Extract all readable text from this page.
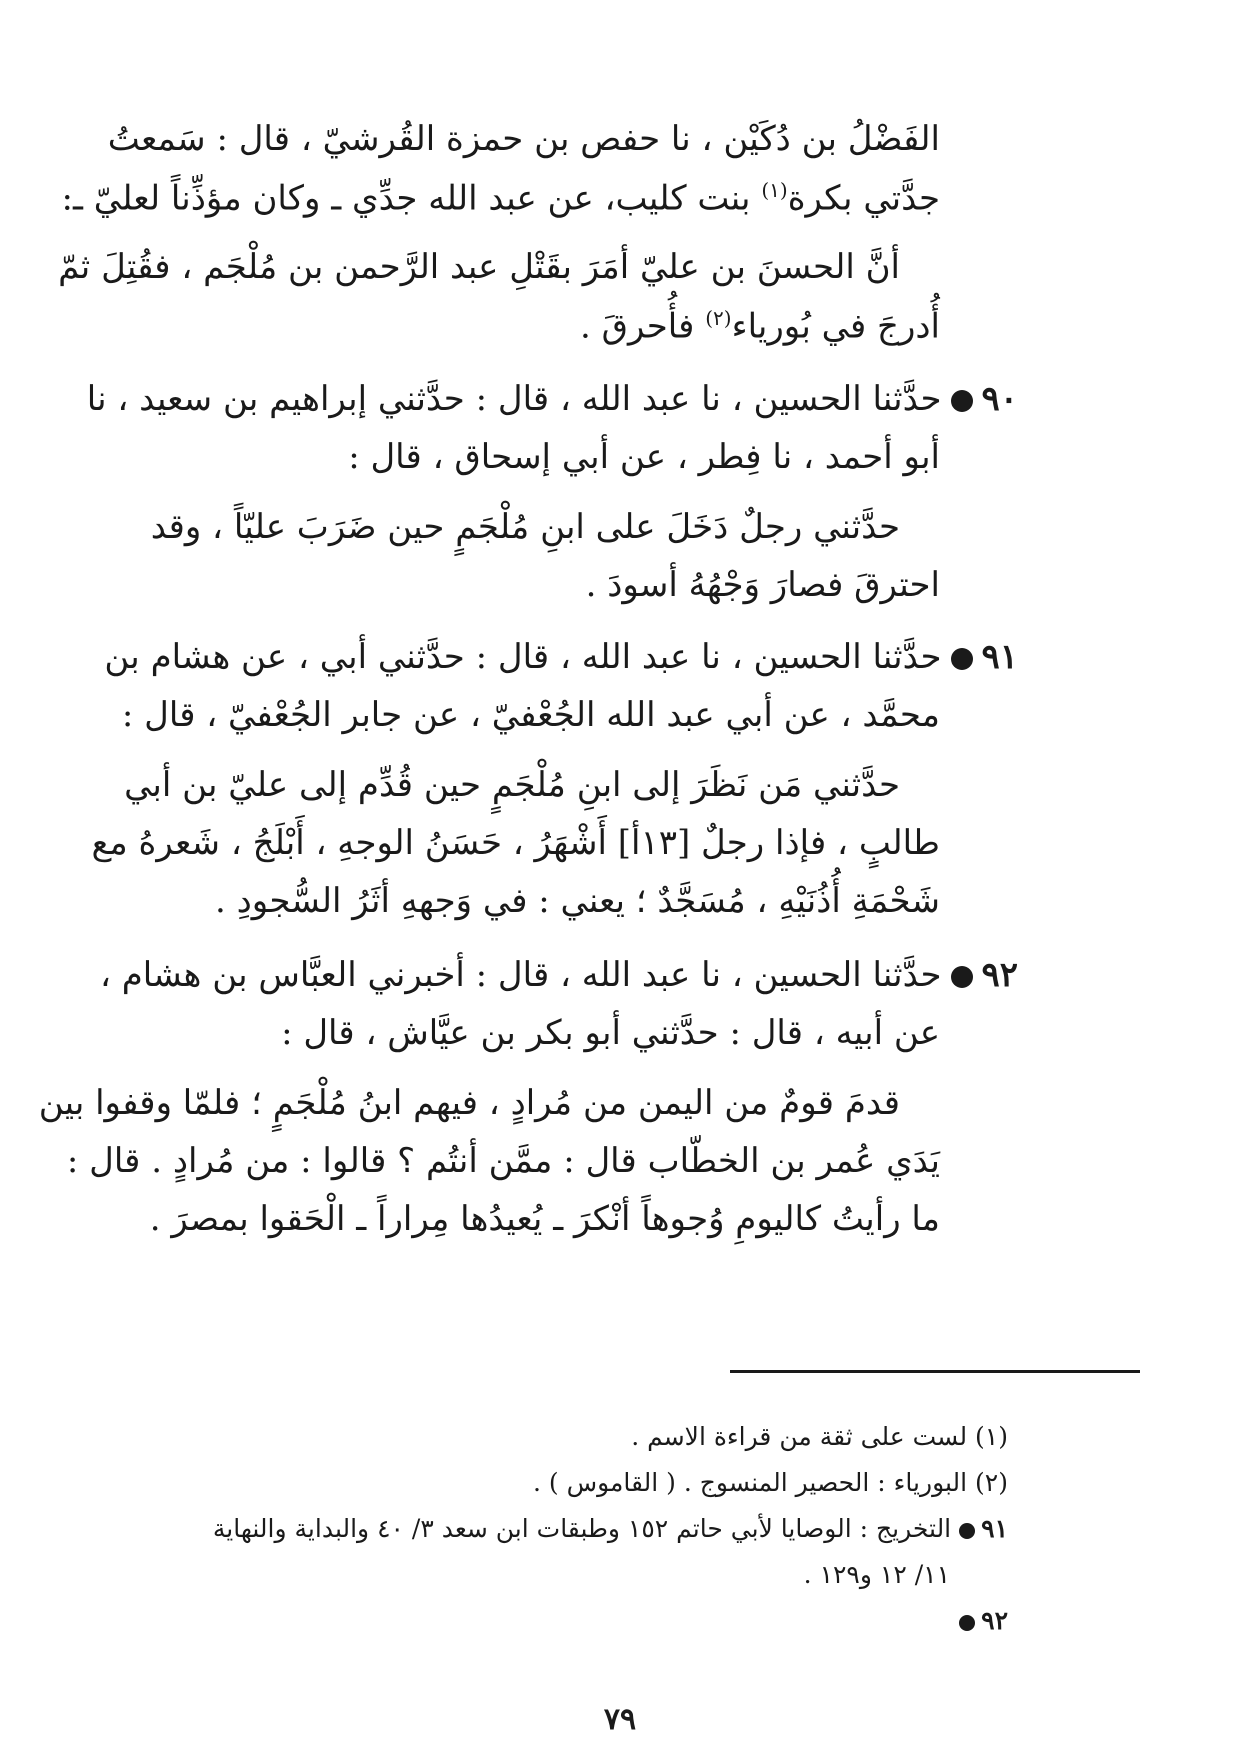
الفَضْلُ بن دُكَيْن ، نا حفص بن حمزة القُرشيّ ، قال : سَمعتُ
جدَّتي بكرة$^{(١)}$ بنت كليب، عن عبد الله جدِّي ـ وكان مؤذِّناً لعليّ ـ:
أنَّ الحسنَ بن عليّ أمَرَ بقَتْلِ عبد الرَّحمن بن مُلْجَم ، فقُتِلَ ثمّ
أُدرجَ في بُورياء$^{(٢)}$ فأُحرقَ .
٩٠حدَّثنا الحسين ، نا عبد الله ، قال : حدَّثني إبراهيم بن سعيد ، نا
أبو أحمد ، نا فِطر ، عن أبي إسحاق ، قال :
حدَّثني رجلٌ دَخَلَ على ابنِ مُلْجَمٍ حين ضَرَبَ عليّاً ، وقد
احترقَ فصارَ وَجْهُهُ أسودَ .
٩١حدَّثنا الحسين ، نا عبد الله ، قال : حدَّثني أبي ، عن هشام بن
محمَّد ، عن أبي عبد الله الجُعْفيّ ، عن جابر الجُعْفيّ ، قال :
حدَّثني مَن نَظَرَ إلى ابنِ مُلْجَمٍ حين قُدِّم إلى عليّ بن أبي
طالبٍ ، فإذا رجلٌ [١٣أ] أَشْهَرُ ، حَسَنُ الوجهِ ، أَبْلَجُ ، شَعرهُ مع
شَحْمَةِ أُذُنَيْهِ ، مُسَجَّدٌ ؛ يعني : في وَجههِ أثَرُ السُّجودِ .
٩٢حدَّثنا الحسين ، نا عبد الله ، قال : أخبرني العبَّاس بن هشام ،
عن أبيه ، قال : حدَّثني أبو بكر بن عيَّاش ، قال :
قدمَ قومٌ من اليمن من مُرادٍ ، فيهم ابنُ مُلْجَمٍ ؛ فلمّا وقفوا بين
يَدَي عُمر بن الخطّاب قال : ممَّن أنتُم ؟ قالوا : من مُرادٍ . قال :
ما رأيتُ كاليومِ وُجوهاً أنْكرَ ـ يُعيدُها مِراراً ـ الْحَقوا بمصرَ .
(١) لست على ثقة من قراءة الاسم .
(٢) البورياء : الحصير المنسوج . ( القاموس ) .
٩١التخريج : الوصايا لأبي حاتم ١٥٢ وطبقات ابن سعد ٣/ ٤٠ والبداية والنهاية
١١/ ١٢ و١٢٩ .
٩٢
٧٩
